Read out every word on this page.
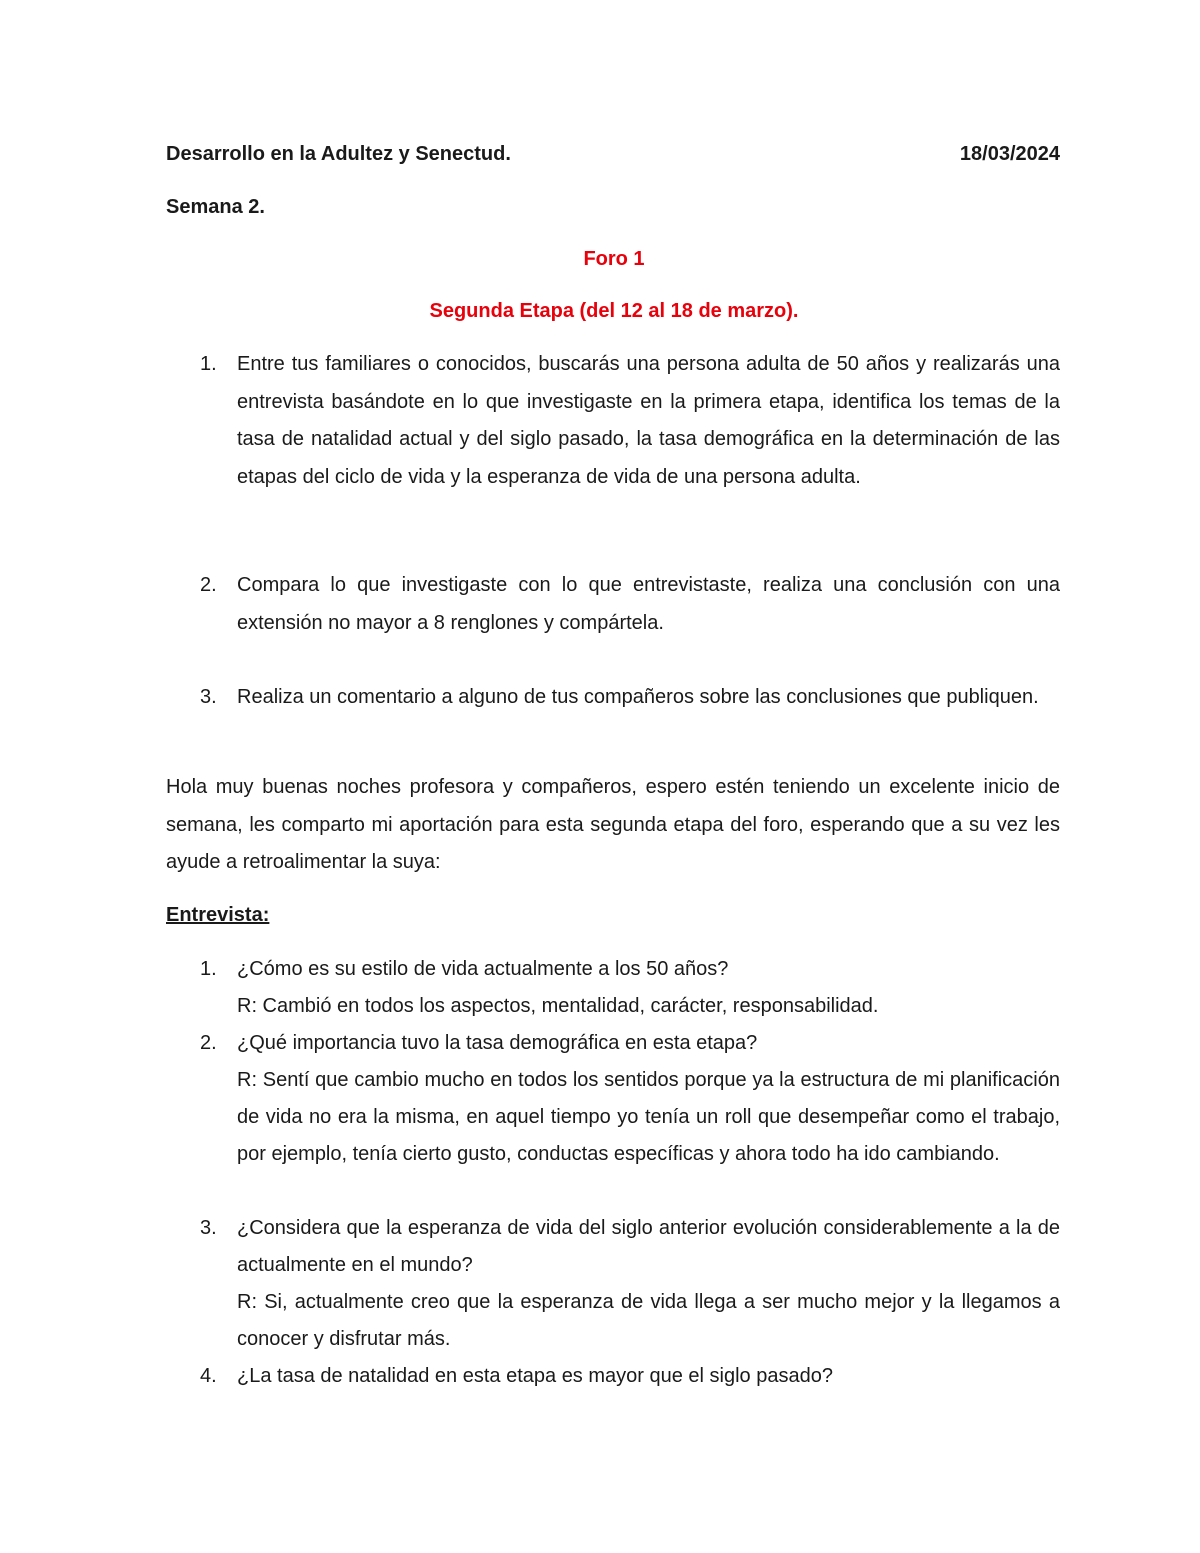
Desarrollo en la Adultez y Senectud.	18/03/2024
Semana 2.
Foro 1
Segunda Etapa (del 12 al 18 de marzo).
1.	Entre tus familiares o conocidos, buscarás una persona adulta de 50 años y realizarás una entrevista basándote en lo que investigaste en la primera etapa, identifica los temas de la tasa de natalidad actual y del siglo pasado, la tasa demográfica en la determinación de las etapas del ciclo de vida y la esperanza de vida de una persona adulta.
2.	Compara lo que investigaste con lo que entrevistaste, realiza una conclusión con una extensión no mayor a 8 renglones y compártela.
3.	Realiza un comentario a alguno de tus compañeros sobre las conclusiones que publiquen.
Hola muy buenas noches profesora y compañeros, espero estén teniendo un excelente inicio de semana, les comparto mi aportación para esta segunda etapa del foro, esperando que a su vez les ayude a retroalimentar la suya:
Entrevista:
1.	¿Cómo es su estilo de vida actualmente a los 50 años?
R: Cambió en todos los aspectos, mentalidad, carácter, responsabilidad.
2.	¿Qué importancia tuvo la tasa demográfica en esta etapa?
R: Sentí que cambio mucho en todos los sentidos porque ya la estructura de mi planificación de vida no era la misma, en aquel tiempo yo tenía un roll que desempeñar como el trabajo, por ejemplo, tenía cierto gusto, conductas específicas y ahora todo ha ido cambiando.
3.	¿Considera que la esperanza de vida del siglo anterior evolución considerablemente a la de actualmente en el mundo?
R: Si, actualmente creo que la esperanza de vida llega a ser mucho mejor y la llegamos a conocer y disfrutar más.
4.	¿La tasa de natalidad en esta etapa es mayor que el siglo pasado?
